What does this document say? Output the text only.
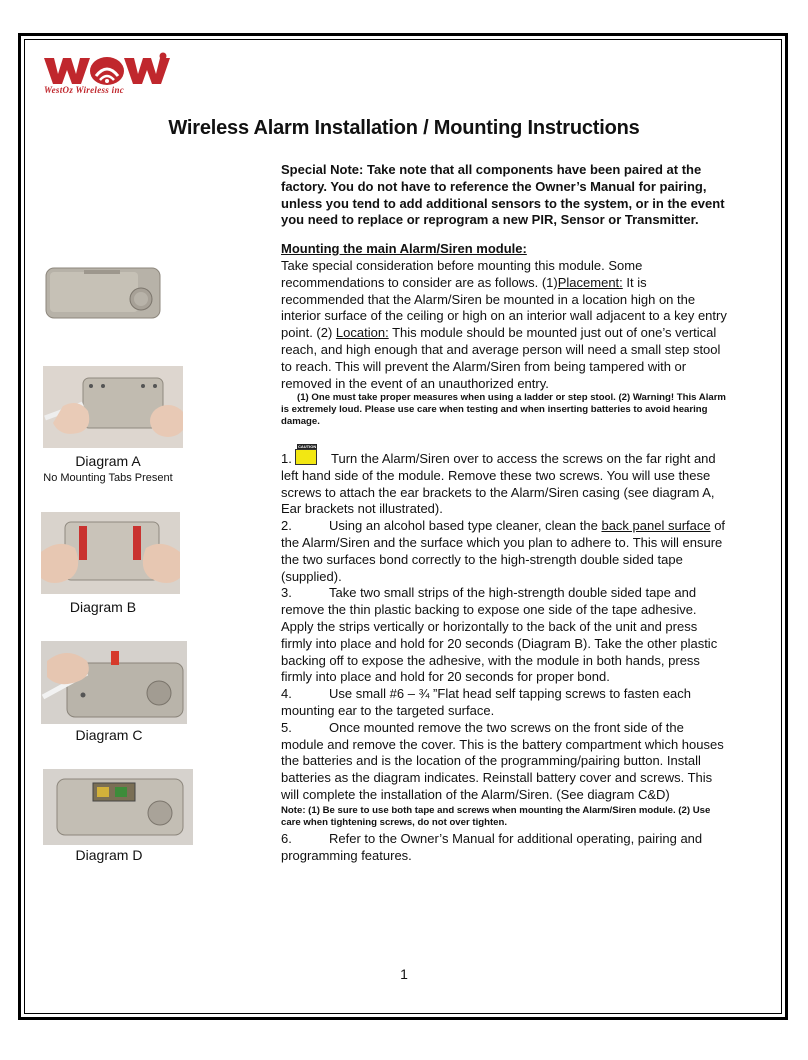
WestOz Wireless inc
Wireless Alarm Installation / Mounting Instructions
Special Note: Take note that all components have been paired at the factory. You do not have to reference the Owner’s Manual for pairing, unless you tend to add additional sensors to the system, or in the event you need to replace or reprogram a new PIR, Sensor or Transmitter.
Mounting the main Alarm/Siren module:
Take special consideration before mounting this module. Some recommendations to consider are as follows. (1)Placement: It is recommended that the Alarm/Siren be mounted in a location high on the interior surface of the ceiling or high on an interior wall adjacent to a key entry point. (2) Location: This module should be mounted just out of one’s vertical reach, and high enough that and average person will need a small step stool to reach. This will prevent the Alarm/Siren from being tampered with or removed in the event of an unauthorized entry.
(1) One must take proper measures when using a ladder or step stool. (2) Warning! This Alarm is extremely loud. Please use care when testing and when inserting batteries to avoid hearing damage.

1.
CAUTION
Turn the Alarm/Siren over to access the screws on the far right and left hand side of the module. Remove these two screws. You will use these screws to attach the ear brackets to the Alarm/Siren casing (see diagram A, Ear brackets not illustrated).

2.	Using an alcohol based type cleaner, clean the back panel surface of the Alarm/Siren and the surface which you plan to adhere to. This will ensure the two surfaces bond correctly to the high-strength double sided tape (supplied).

3.	Take two small strips of the high-strength double sided tape and remove the thin plastic backing to expose one side of the tape adhesive. Apply the strips vertically or horizontally to the back of the unit and press firmly into place and hold for 20 seconds (Diagram B). Take the other plastic backing off to expose the adhesive, with the module in both hands, press firmly into place and hold for 20 seconds for proper bond.

4.	Use small #6 – ¾ ”Flat head self tapping screws to fasten each mounting ear to the targeted surface.

5.	Once mounted remove the two screws on the front side of the module and remove the cover. This is the battery compartment which houses the batteries and is the location of the programming/pairing button. Install batteries as the diagram indicates. Reinstall battery cover and screws. This will complete the installation of the Alarm/Siren. (See diagram C&D)

Note: (1) Be sure to use both tape and screws when mounting the Alarm/Siren module. (2) Use care when tightening screws, do not over tighten.

6.	Refer to the Owner’s Manual for additional operating, pairing and programming features.

Diagram A
No Mounting Tabs Present
Diagram B
Diagram C
Diagram D
1
